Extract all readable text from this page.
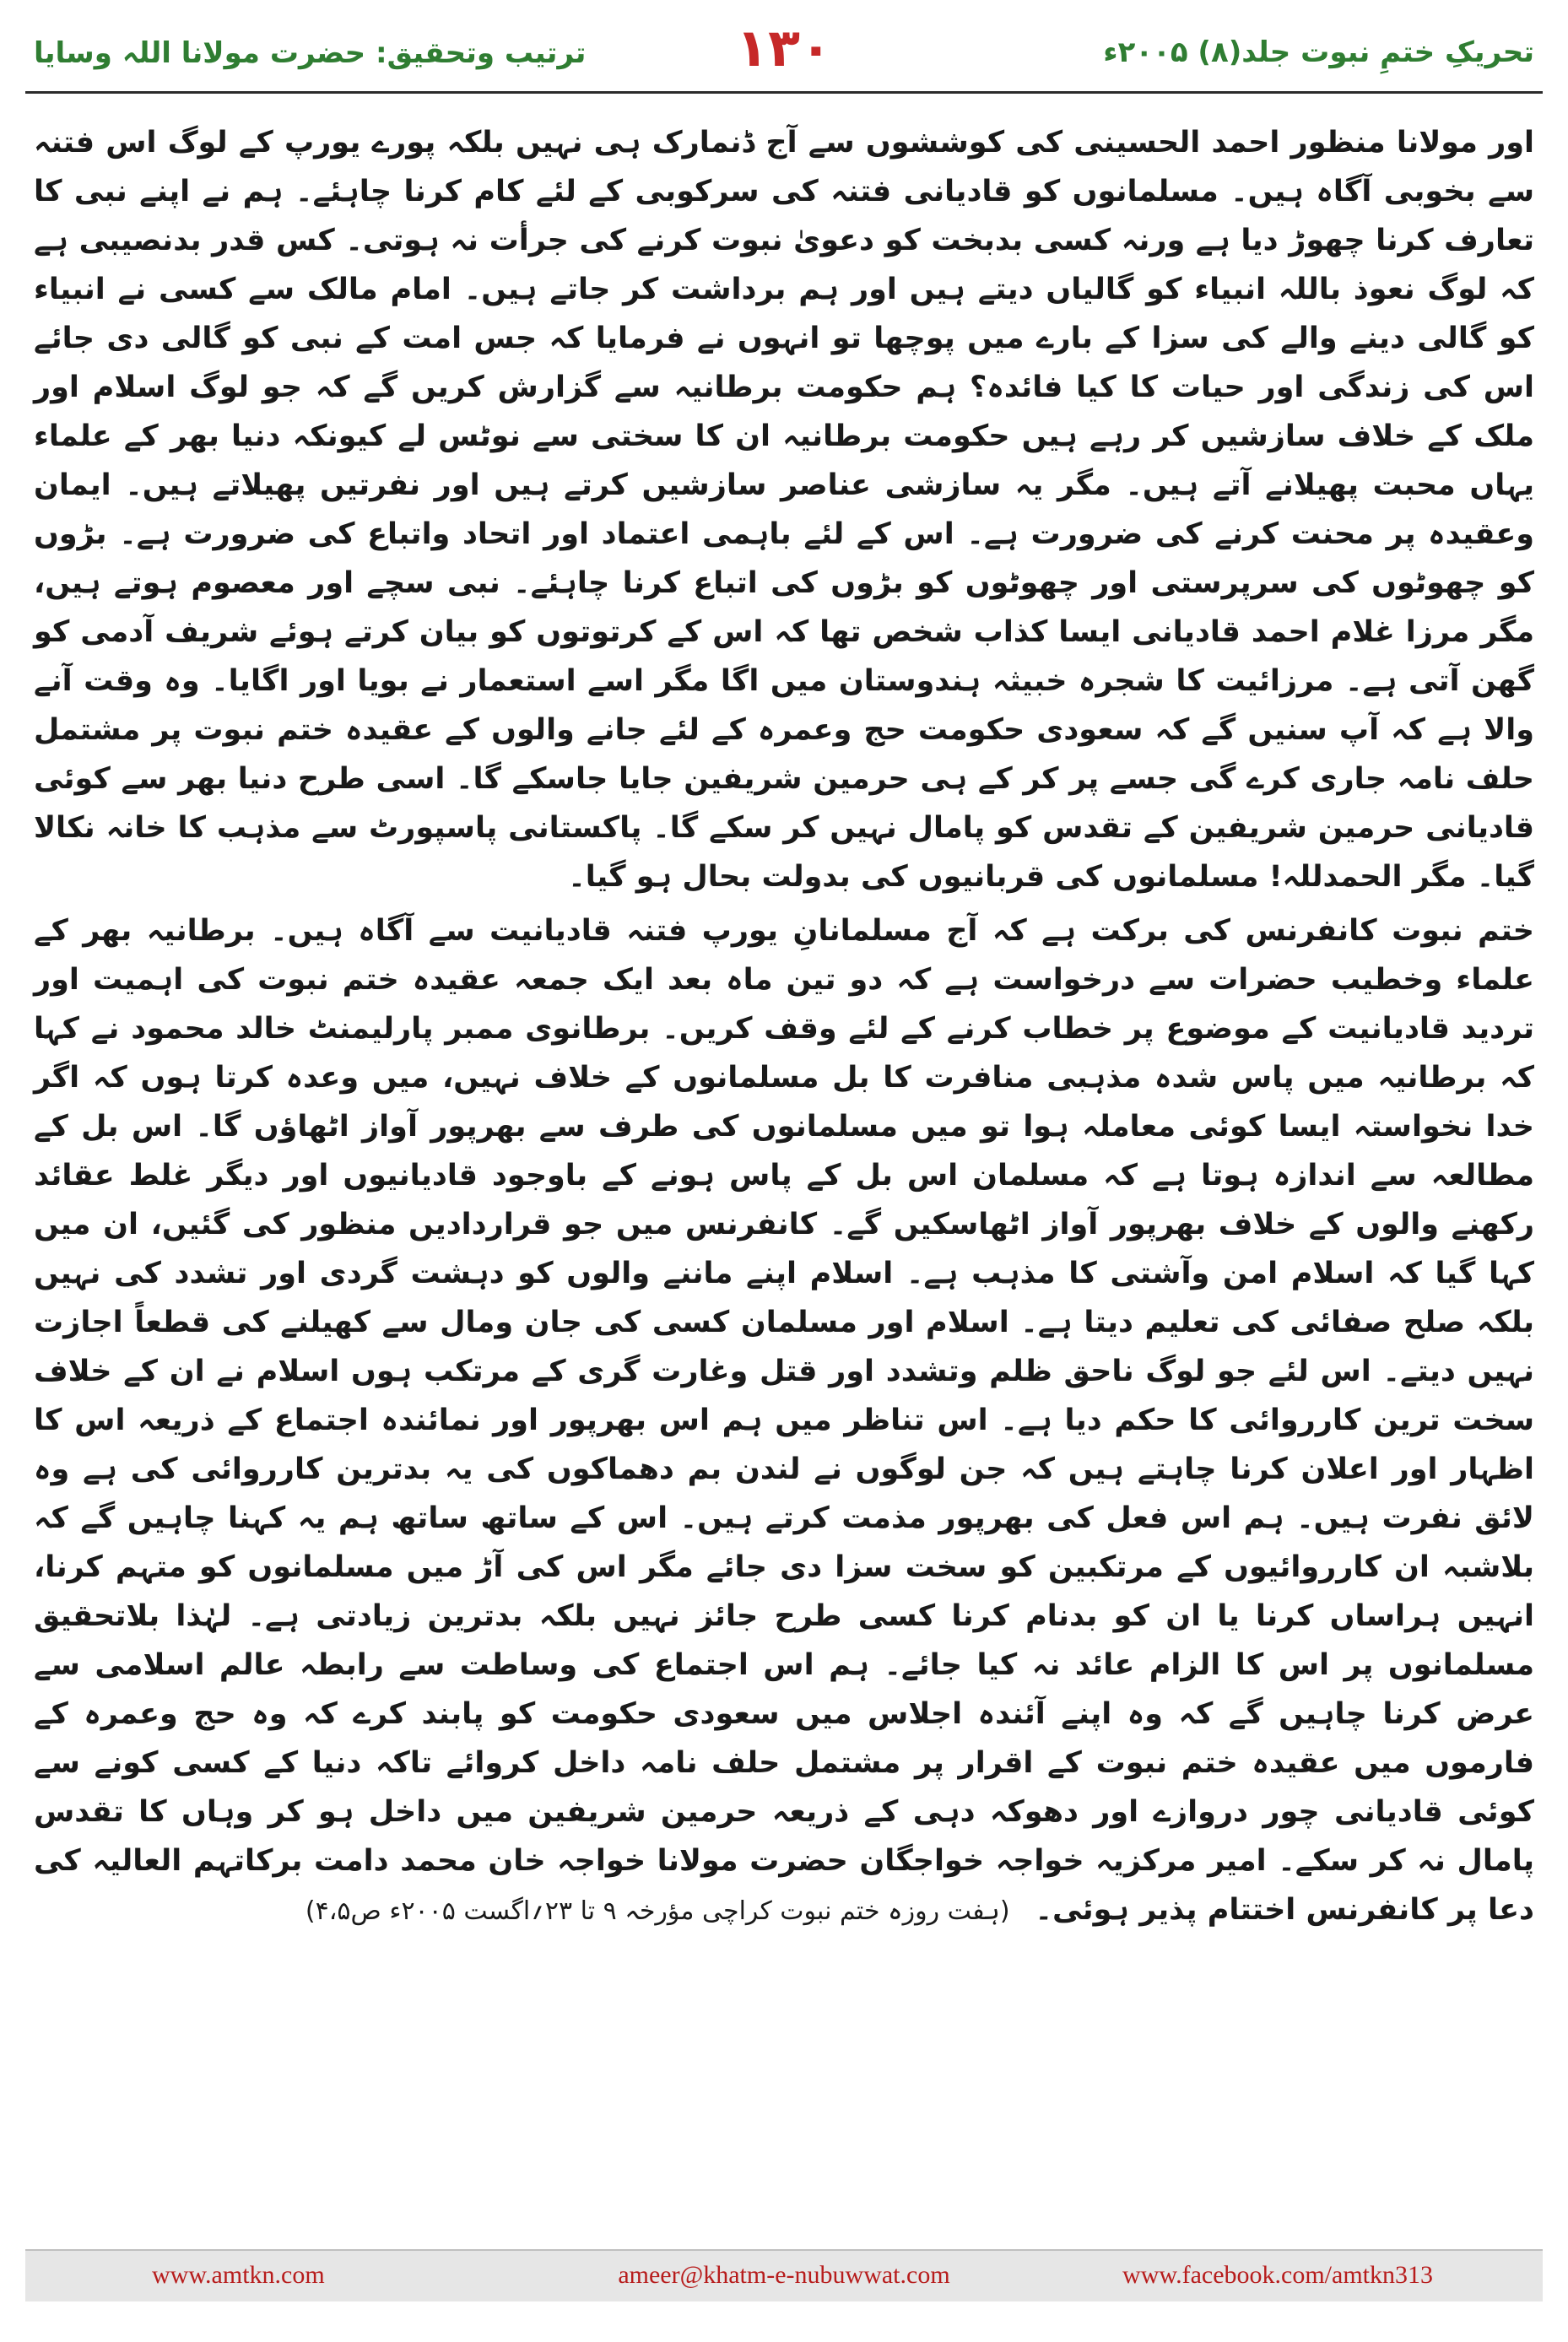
تحریکِ ختمِ نبوت جلد(۸) ۲۰۰۵ء
۱۳۰
ترتیب وتحقیق: حضرت مولانا اللہ وسایا

اور مولانا منظور احمد الحسینی کی کوششوں سے آج ڈنمارک ہی نہیں بلکہ پورے یورپ کے لوگ اس فتنہ سے بخوبی آگاہ ہیں۔ مسلمانوں کو قادیانی فتنہ کی سرکوبی کے لئے کام کرنا چاہئے۔ ہم نے اپنے نبی کا تعارف کرنا چھوڑ دیا ہے ورنہ کسی بدبخت کو دعویٰ نبوت کرنے کی جرأت نہ ہوتی۔ کس قدر بدنصیبی ہے کہ لوگ نعوذ باللہ انبیاء کو گالیاں دیتے ہیں اور ہم برداشت کر جاتے ہیں۔ امام مالک سے کسی نے انبیاء کو گالی دینے والے کی سزا کے بارے میں پوچھا تو انہوں نے فرمایا کہ جس امت کے نبی کو گالی دی جائے اس کی زندگی اور حیات کا کیا فائدہ؟ ہم حکومت برطانیہ سے گزارش کریں گے کہ جو لوگ اسلام اور ملک کے خلاف سازشیں کر رہے ہیں حکومت برطانیہ ان کا سختی سے نوٹس لے کیونکہ دنیا بھر کے علماء یہاں محبت پھیلانے آتے ہیں۔ مگر یہ سازشی عناصر سازشیں کرتے ہیں اور نفرتیں پھیلاتے ہیں۔ ایمان وعقیدہ پر محنت کرنے کی ضرورت ہے۔ اس کے لئے باہمی اعتماد اور اتحاد واتباع کی ضرورت ہے۔ بڑوں کو چھوٹوں کی سرپرستی اور چھوٹوں کو بڑوں کی اتباع کرنا چاہئے۔ نبی سچے اور معصوم ہوتے ہیں، مگر مرزا غلام احمد قادیانی ایسا کذاب شخص تھا کہ اس کے کرتوتوں کو بیان کرتے ہوئے شریف آدمی کو گھن آتی ہے۔ مرزائیت کا شجرہ خبیثہ ہندوستان میں اگا مگر اسے استعمار نے بویا اور اگایا۔ وہ وقت آنے والا ہے کہ آپ سنیں گے کہ سعودی حکومت حج وعمرہ کے لئے جانے والوں کے عقیدہ ختم نبوت پر مشتمل حلف نامہ جاری کرے گی جسے پر کر کے ہی حرمین شریفین جایا جاسکے گا۔ اسی طرح دنیا بھر سے کوئی قادیانی حرمین شریفین کے تقدس کو پامال نہیں کر سکے گا۔ پاکستانی پاسپورٹ سے مذہب کا خانہ نکالا گیا۔ مگر الحمدللہ! مسلمانوں کی قربانیوں کی بدولت بحال ہو گیا۔

ختم نبوت کانفرنس کی برکت ہے کہ آج مسلمانانِ یورپ فتنہ قادیانیت سے آگاہ ہیں۔ برطانیہ بھر کے علماء وخطیب حضرات سے درخواست ہے کہ دو تین ماہ بعد ایک جمعہ عقیدہ ختم نبوت کی اہمیت اور تردید قادیانیت کے موضوع پر خطاب کرنے کے لئے وقف کریں۔ برطانوی ممبر پارلیمنٹ خالد محمود نے کہا کہ برطانیہ میں پاس شدہ مذہبی منافرت کا بل مسلمانوں کے خلاف نہیں، میں وعدہ کرتا ہوں کہ اگر خدا نخواستہ ایسا کوئی معاملہ ہوا تو میں مسلمانوں کی طرف سے بھرپور آواز اٹھاؤں گا۔ اس بل کے مطالعہ سے اندازہ ہوتا ہے کہ مسلمان اس بل کے پاس ہونے کے باوجود قادیانیوں اور دیگر غلط عقائد رکھنے والوں کے خلاف بھرپور آواز اٹھاسکیں گے۔ کانفرنس میں جو قراردادیں منظور کی گئیں، ان میں کہا گیا کہ اسلام امن وآشتی کا مذہب ہے۔ اسلام اپنے ماننے والوں کو دہشت گردی اور تشدد کی نہیں بلکہ صلح صفائی کی تعلیم دیتا ہے۔ اسلام اور مسلمان کسی کی جان ومال سے کھیلنے کی قطعاً اجازت نہیں دیتے۔ اس لئے جو لوگ ناحق ظلم وتشدد اور قتل وغارت گری کے مرتکب ہوں اسلام نے ان کے خلاف سخت ترین کارروائی کا حکم دیا ہے۔ اس تناظر میں ہم اس بھرپور اور نمائندہ اجتماع کے ذریعہ اس کا اظہار اور اعلان کرنا چاہتے ہیں کہ جن لوگوں نے لندن بم دھماکوں کی یہ بدترین کارروائی کی ہے وہ لائق نفرت ہیں۔ ہم اس فعل کی بھرپور مذمت کرتے ہیں۔ اس کے ساتھ ساتھ ہم یہ کہنا چاہیں گے کہ بلاشبہ ان کارروائیوں کے مرتکبین کو سخت سزا دی جائے مگر اس کی آڑ میں مسلمانوں کو متہم کرنا، انہیں ہراساں کرنا یا ان کو بدنام کرنا کسی طرح جائز نہیں بلکہ بدترین زیادتی ہے۔ لہٰذا بلاتحقیق مسلمانوں پر اس کا الزام عائد نہ کیا جائے۔ ہم اس اجتماع کی وساطت سے رابطہ عالم اسلامی سے عرض کرنا چاہیں گے کہ وہ اپنے آئندہ اجلاس میں سعودی حکومت کو پابند کرے کہ وہ حج وعمرہ کے فارموں میں عقیدہ ختم نبوت کے اقرار پر مشتمل حلف نامہ داخل کروائے تاکہ دنیا کے کسی کونے سے کوئی قادیانی چور دروازے اور دھوکہ دہی کے ذریعہ حرمین شریفین میں داخل ہو کر وہاں کا تقدس پامال نہ کر سکے۔ امیر مرکزیہ خواجہ خواجگان حضرت مولانا خواجہ خان محمد دامت برکاتہم العالیہ کی دعا پر کانفرنس اختتام پذیر ہوئی۔(ہفت روزہ ختم نبوت کراچی مؤرخہ ۹ تا ۲۳؍اگست ۲۰۰۵ء ص۴،۵)

www.amtkn.com	ameer@khatm-e-nubuwwat.com	www.facebook.com/amtkn313
